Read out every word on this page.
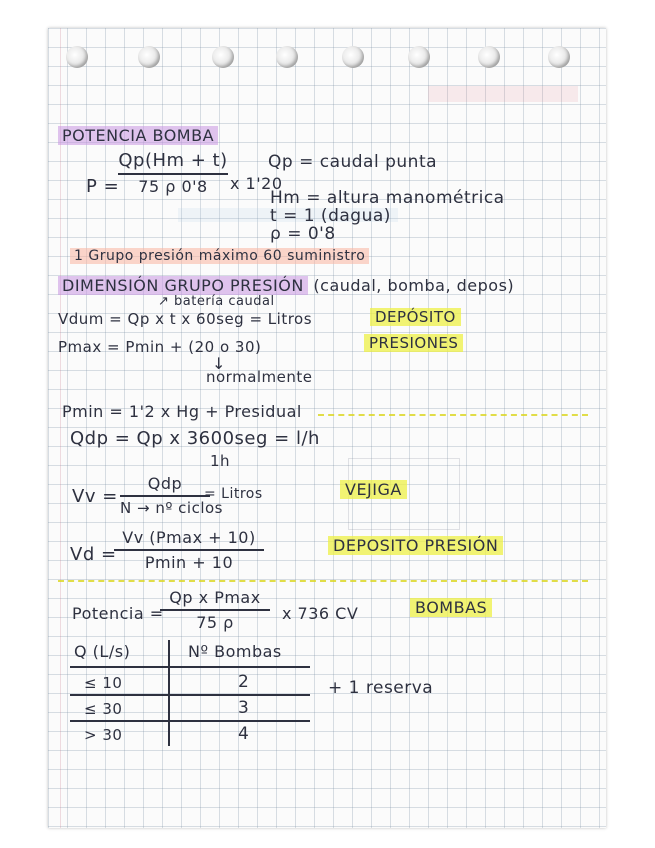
POTENCIA BOMBA
P =
Qp(Hm + t)
75 ρ 0'8	x 1'20
Qp = caudal punta
Hm = altura manométrica
t = 1 (dagua)
ρ = 0'8
1 Grupo presión máximo 60 suministro
DIMENSIÓN GRUPO PRESIÓN (caudal, bomba, depos)
↗ batería caudal
Vdum = Qp x t x 60seg = Litros	DEPÓSITO
Pmax = Pmin + (20 o 30)	PRESIONES
↓
normalmente
Pmin = 1'2 x Hg + Presidual
Qdp = Qp x 3600seg = l/h
1h
Vv =
Qdp
N → nº ciclos
= Litros	VEJIGA
Vd =
Vv (Pmax + 10)
Pmin + 10
DEPOSITO PRESIÓN
Potencia =
Qp x Pmax
75 ρ	x 736 CV	BOMBAS
Q (L/s)	Nº Bombas
≤ 10	2
≤ 30	3
> 30	4
+ 1 reserva
